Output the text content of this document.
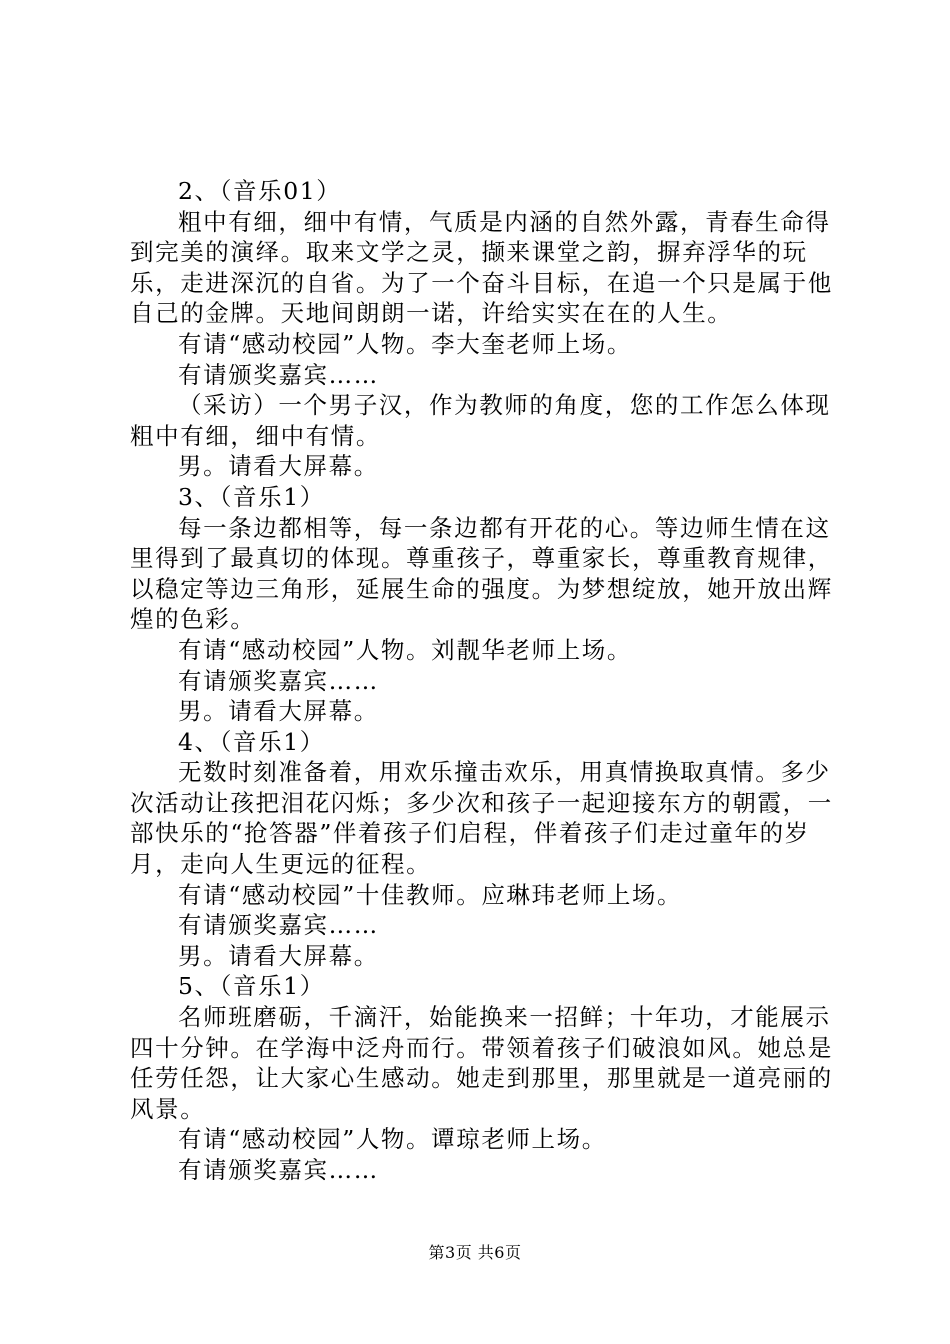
2、（音乐01）

粗中有细，细中有情，气质是内涵的自然外露，青春生命得到完美的演绎。取来文学之灵，撷来课堂之韵，摒弃浮华的玩乐，走进深沉的自省。为了一个奋斗目标，在追一个只是属于他自己的金牌。天地间朗朗一诺，许给实实在在的人生。

有请“感动校园”人物。李大奎老师上场。

有请颁奖嘉宾……

（采访）一个男子汉，作为教师的角度，您的工作怎么体现粗中有细，细中有情。

男。请看大屏幕。

3、（音乐1）

每一条边都相等，每一条边都有开花的心。等边师生情在这里得到了最真切的体现。尊重孩子，尊重家长，尊重教育规律，以稳定等边三角形，延展生命的强度。为梦想绽放，她开放出辉煌的色彩。

有请“感动校园”人物。刘靓华老师上场。

有请颁奖嘉宾……

男。请看大屏幕。

4、（音乐1）

无数时刻准备着，用欢乐撞击欢乐，用真情换取真情。多少次活动让孩把泪花闪烁；多少次和孩子一起迎接东方的朝霞，一部快乐的“抢答器”伴着孩子们启程，伴着孩子们走过童年的岁月，走向人生更远的征程。

有请“感动校园”十佳教师。应琳玮老师上场。

有请颁奖嘉宾……

男。请看大屏幕。

5、（音乐1）

名师班磨砺，千滴汗，始能换来一招鲜；十年功，才能展示四十分钟。在学海中泛舟而行。带领着孩子们破浪如风。她总是任劳任怨，让大家心生感动。她走到那里，那里就是一道亮丽的风景。

有请“感动校园”人物。谭琼老师上场。

有请颁奖嘉宾……

第3页 共6页
